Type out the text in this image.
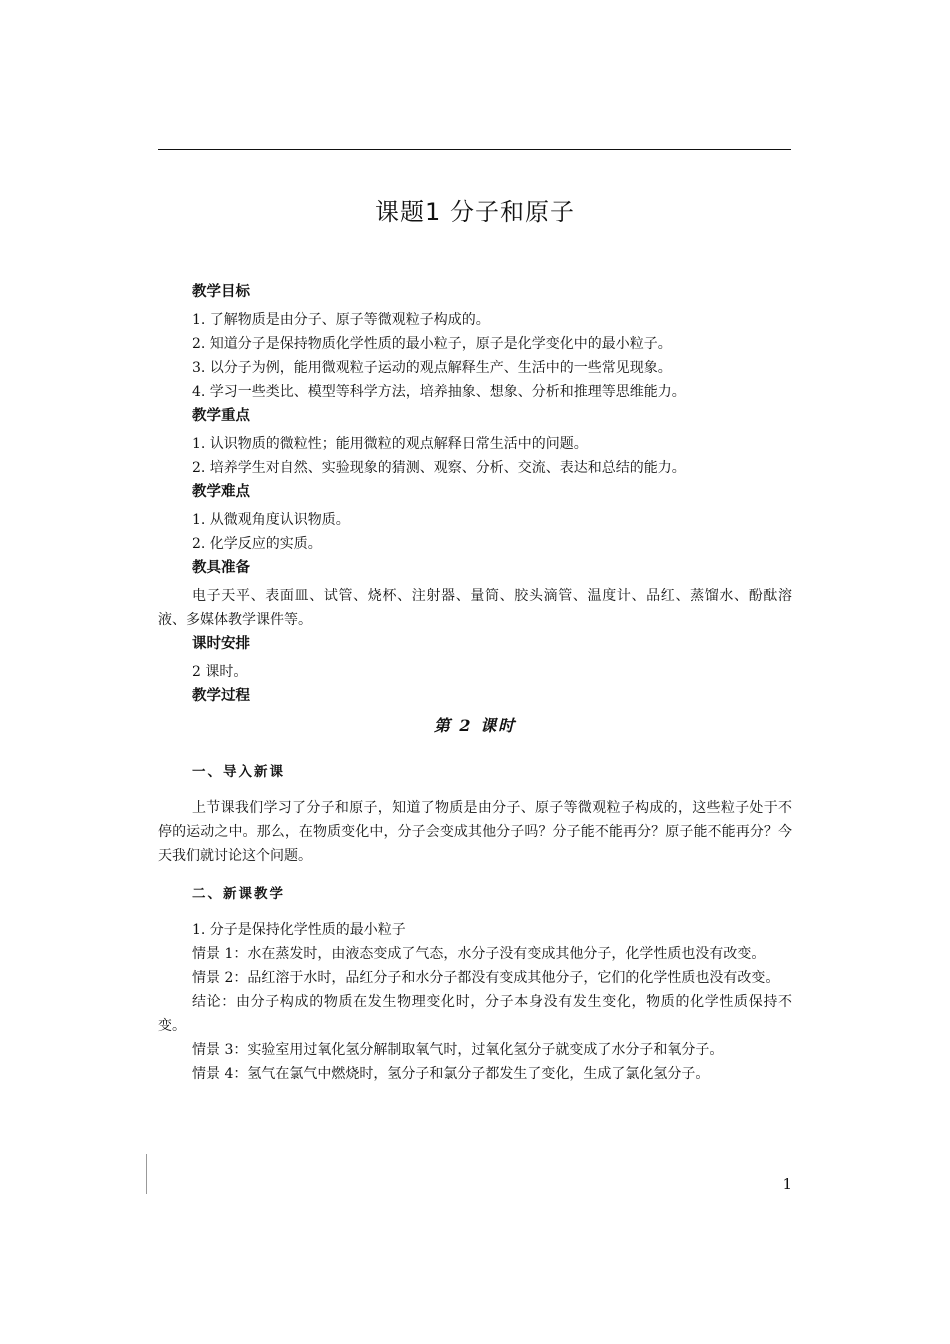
课题1 分子和原子
教学目标

1. 了解物质是由分子、原子等微观粒子构成的。

2. 知道分子是保持物质化学性质的最小粒子，原子是化学变化中的最小粒子。

3. 以分子为例，能用微观粒子运动的观点解释生产、生活中的一些常见现象。

4. 学习一些类比、模型等科学方法，培养抽象、想象、分析和推理等思维能力。

教学重点

1. 认识物质的微粒性；能用微粒的观点解释日常生活中的问题。

2. 培养学生对自然、实验现象的猜测、观察、分析、交流、表达和总结的能力。

教学难点

1. 从微观角度认识物质。

2. 化学反应的实质。

教具准备

电子天平、表面皿、试管、烧杯、注射器、量筒、胶头滴管、温度计、品红、蒸馏水、酚酞溶液、多媒体教学课件等。

课时安排

2 课时。

教学过程
第 2 课时
一、导入新课

上节课我们学习了分子和原子，知道了物质是由分子、原子等微观粒子构成的，这些粒子处于不停的运动之中。那么，在物质变化中，分子会变成其他分子吗？分子能不能再分？原子能不能再分？今天我们就讨论这个问题。

二、新课教学

1. 分子是保持化学性质的最小粒子

情景 1：水在蒸发时，由液态变成了气态，水分子没有变成其他分子，化学性质也没有改变。

情景 2：品红溶于水时，品红分子和水分子都没有变成其他分子，它们的化学性质也没有改变。

结论：由分子构成的物质在发生物理变化时，分子本身没有发生变化，物质的化学性质保持不变。

情景 3：实验室用过氧化氢分解制取氧气时，过氧化氢分子就变成了水分子和氧分子。

情景 4：氢气在氯气中燃烧时，氢分子和氯分子都发生了变化，生成了氯化氢分子。

1
